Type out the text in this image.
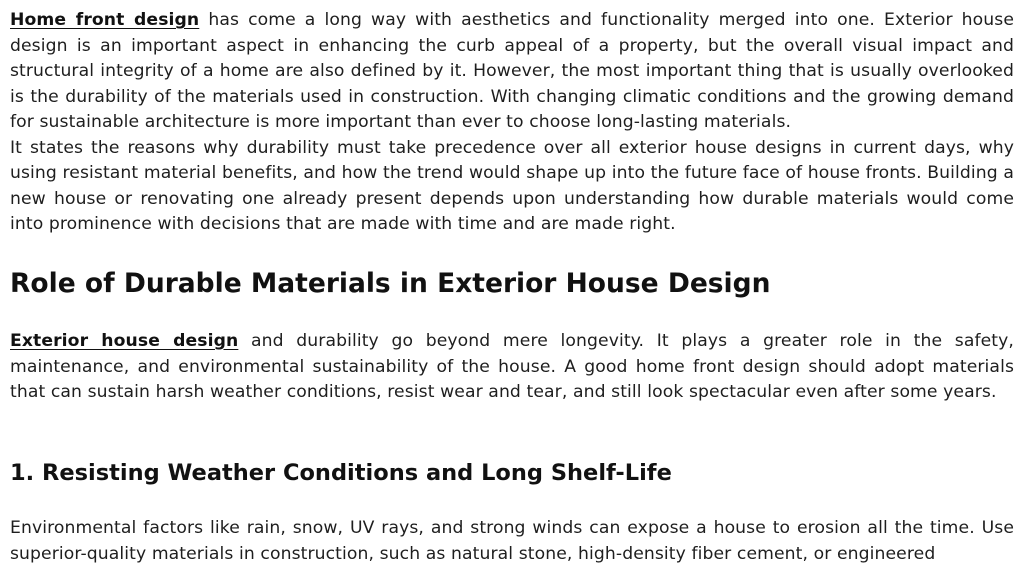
Home front design has come a long way with aesthetics and functionality merged into one. Exterior house design is an important aspect in enhancing the curb appeal of a property, but the overall visual impact and structural integrity of a home are also defined by it. However, the most important thing that is usually overlooked is the durability of the materials used in construction. With changing climatic conditions and the growing demand for sustainable architecture is more important than ever to choose long-lasting materials.
It states the reasons why durability must take precedence over all exterior house designs in current days, why using resistant material benefits, and how the trend would shape up into the future face of house fronts. Building a new house or renovating one already present depends upon understanding how durable materials would come into prominence with decisions that are made with time and are made right.

Role of Durable Materials in Exterior House Design

Exterior house design and durability go beyond mere longevity. It plays a greater role in the safety, maintenance, and environmental sustainability of the house. A good home front design should adopt materials that can sustain harsh weather conditions, resist wear and tear, and still look spectacular even after some years.

1. Resisting Weather Conditions and Long Shelf-Life

Environmental factors like rain, snow, UV rays, and strong winds can expose a house to erosion all the time. Use superior-quality materials in construction, such as natural stone, high-density fiber cement, or engineered
